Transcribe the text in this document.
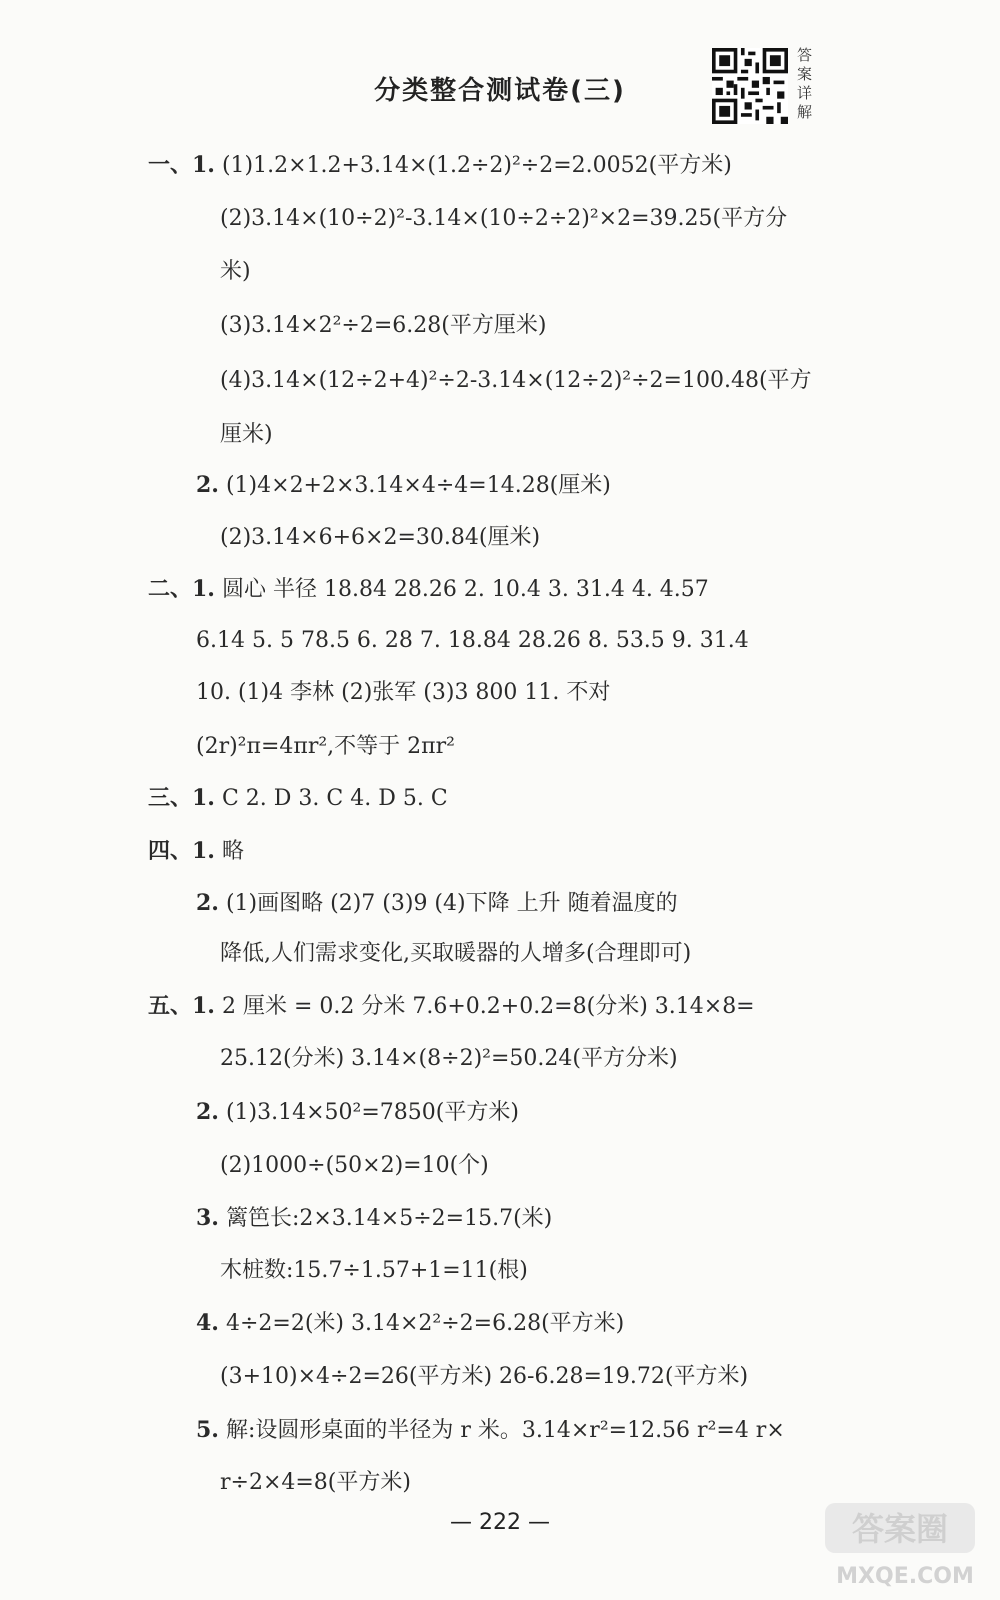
分类整合测试卷(三)
答案详解
一、1. (1)1.2×1.2+3.14×(1.2÷2)²÷2=2.0052(平方米)
(2)3.14×(10÷2)²-3.14×(10÷2÷2)²×2=39.25(平方分
米)
(3)3.14×2²÷2=6.28(平方厘米)
(4)3.14×(12÷2+4)²÷2-3.14×(12÷2)²÷2=100.48(平方
厘米)
2. (1)4×2+2×3.14×4÷4=14.28(厘米)
(2)3.14×6+6×2=30.84(厘米)
二、1. 圆心 半径 18.84 28.26 2. 10.4 3. 31.4 4. 4.57
6.14 5. 5 78.5 6. 28 7. 18.84 28.26 8. 53.5 9. 31.4
10. (1)4 李林 (2)张军 (3)3 800 11. 不对
(2r)²π=4πr²,不等于 2πr²
三、1. C 2. D 3. C 4. D 5. C
四、1. 略
2. (1)画图略 (2)7 (3)9 (4)下降 上升 随着温度的
降低,人们需求变化,买取暖器的人增多(合理即可)
五、1. 2 厘米 = 0.2 分米 7.6+0.2+0.2=8(分米) 3.14×8=
25.12(分米) 3.14×(8÷2)²=50.24(平方分米)
2. (1)3.14×50²=7850(平方米)
(2)1000÷(50×2)=10(个)
3. 篱笆长:2×3.14×5÷2=15.7(米)
木桩数:15.7÷1.57+1=11(根)
4. 4÷2=2(米) 3.14×2²÷2=6.28(平方米)
(3+10)×4÷2=26(平方米) 26-6.28=19.72(平方米)
5. 解:设圆形桌面的半径为 r 米。3.14×r²=12.56 r²=4 r×
r÷2×4=8(平方米)
— 222 —	答案圈
MXQE.COM
